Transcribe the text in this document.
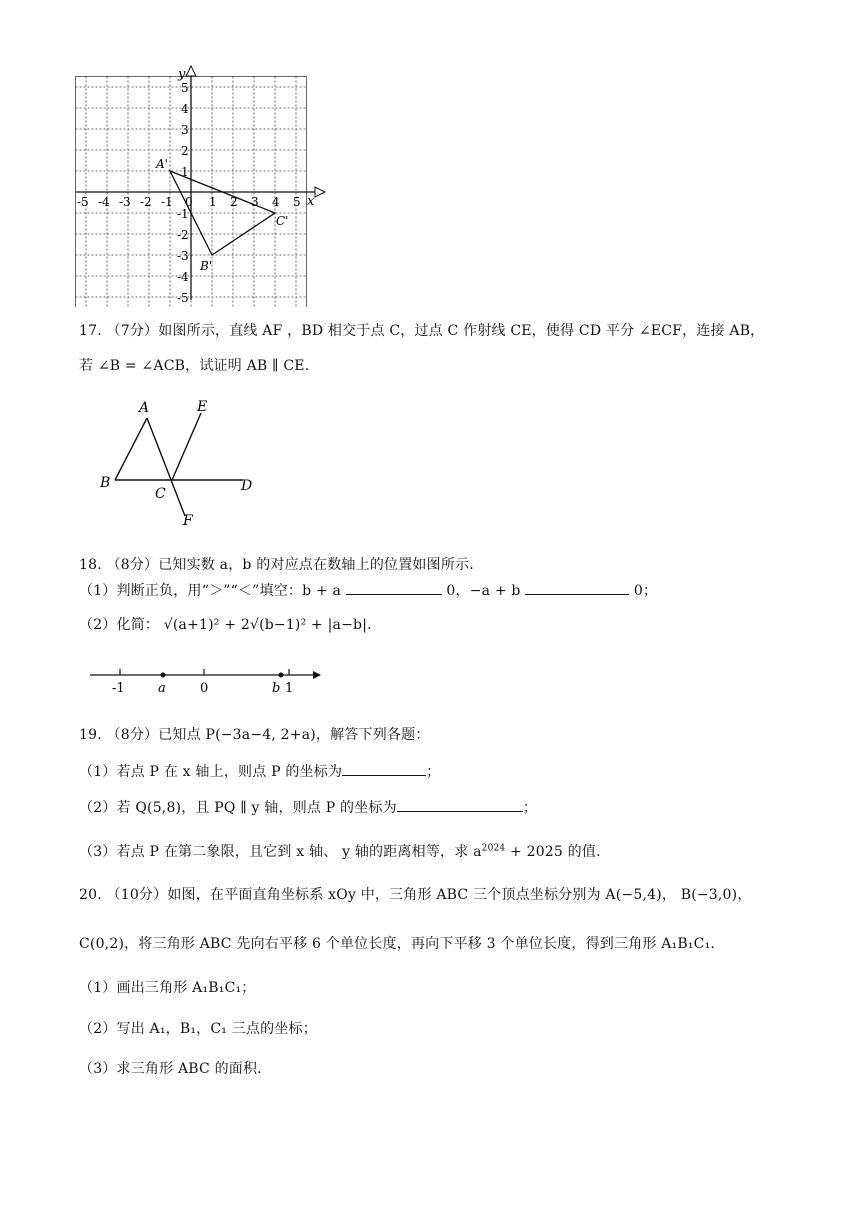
x
y
-5 -4 -3 -2 -1 0 1 2 3 4 5
5
4
3
2
1
-1
-2
-3
-4
-5
A'
B'
C'
17. （7分）如图所示，直线 AF ，BD 相交于点 C，过点 C 作射线 CE，使得 CD 平分 ∠ECF，连接 AB，
若 ∠B = ∠ACB，试证明 AB ∥ CE.
A
B
C	D
E
F
18. （8分）已知实数 a，b 的对应点在数轴上的位置如图所示.
（1）判断正负，用“＞”“＜”填空：b + a	0，−a + b	0；
（2）化简： √(a+1)² + 2√(b−1)² + |a−b|.
-1	a	0	b 1
19. （8分）已知点 P(−3a−4, 2+a)，解答下列各题：
（1）若点 P 在 x 轴上，则点 P 的坐标为	；
（2）若 Q(5,8)，且 PQ ∥ y 轴，则点 P 的坐标为	；
（3）若点 P 在第二象限，且它到 x 轴、 y 轴的距离相等，求 $a^{2024} + 2025$ 的值.
20. （10分）如图，在平面直角坐标系 xOy 中，三角形 ABC 三个顶点坐标分别为 A(−5,4)， B(−3,0)，
C(0,2)，将三角形 ABC 先向右平移 6 个单位长度，再向下平移 3 个单位长度，得到三角形 A₁B₁C₁.
（1）画出三角形 A₁B₁C₁；
（2）写出 A₁，B₁，C₁ 三点的坐标；
（3）求三角形 ABC 的面积.
